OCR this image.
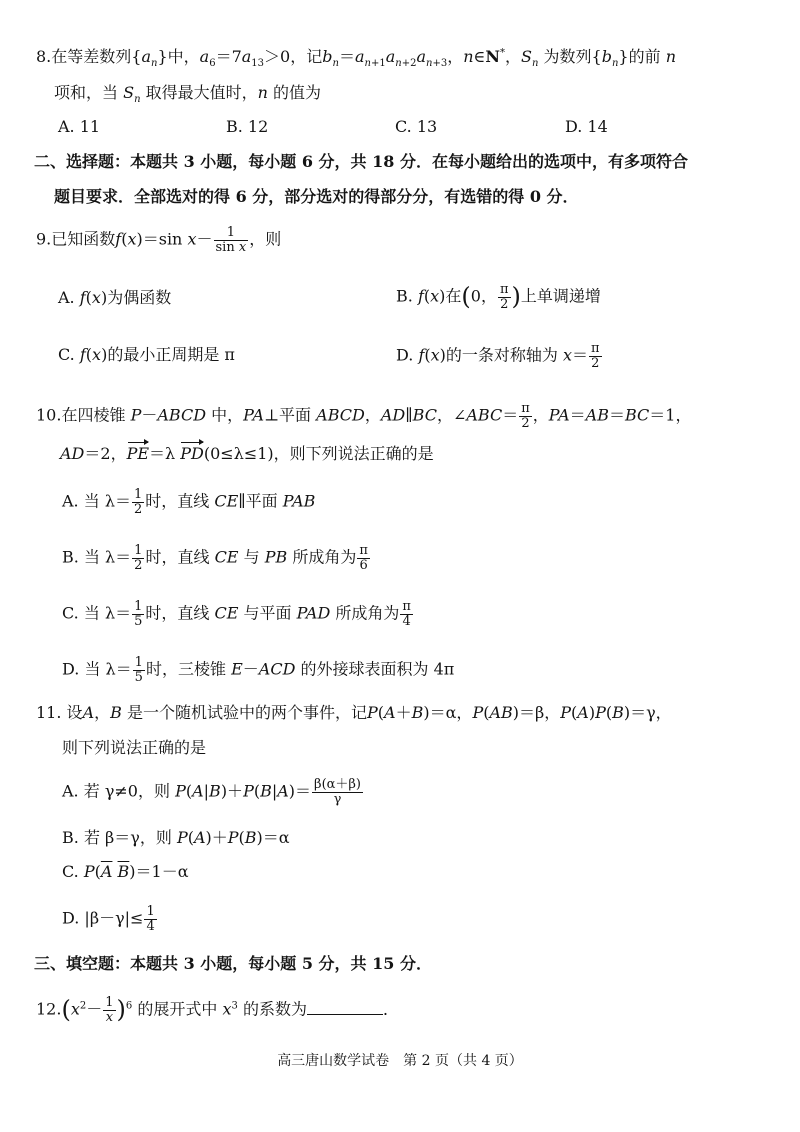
8.在等差数列$\{a_n\}$中，$a_6=7a_{13}>0$，记$b_n=a_{n+1}a_{n+2}a_{n+3}$，n∈N*，$S_n$ 为数列$\{b_n\}$的前 n
项和，当 $S_n$ 取得最大值时，n 的值为
A. 11	B. 12	C. 13	D. 14
二、选择题：本题共 3 小题，每小题 6 分，共 18 分．在每小题给出的选项中，有多项符合
题目要求．全部选对的得 6 分，部分选对的得部分分，有选错的得 0 分．
9.已知函数f(x)＝sin $x- \frac{1}{\text{sin x}}$ ，则
A. f(x)为偶函数	B. f(x)在(0， $\frac{\pi}{2}$ )上单调递增
C. f(x)的最小正周期是 π	D. f(x)的一条对称轴为 $x= \frac{\pi}{2}$
10.在四棱锥 P－ABCD 中，PA⊥平面 ABCD，AD∥BC，∠ABC＝ $\frac{\pi}{2}$ ，PA＝AB＝BC＝1，
AD＝2，PE＝λ PD(0≤λ≤1)，则下列说法正确的是
A. 当 $\lambda= \frac{1}{2}$ 时，直线 CE∥平面 PAB
B. 当 $\lambda= \frac{1}{2}$ 时，直线 CE 与 PB 所成角为 $\frac{\pi}{6}$
C. 当 $\lambda= \frac{1}{5}$ 时，直线 CE 与平面 PAD 所成角为 $\frac{\pi}{4}$
D. 当 $\lambda= \frac{1}{5}$ 时，三棱锥 E－ACD 的外接球表面积为 4π
11. 设A，B 是一个随机试验中的两个事件，记P(A＋B)＝α，P(AB)＝β，P(A)P(B)＝γ，
则下列说法正确的是
A. 若 γ≠0，则 $P(A|B)+P(B|A)= \frac{\beta(\alpha+\beta)}{\gamma}$
B. 若 β＝γ，则 P(A)＋P(B)＝α
C. $P(\overline{A}$ $\overline{B})=1-\alpha$
D. $|\beta-\gamma|\le \frac{1}{4}$
三、填空题：本题共 3 小题，每小题 5 分，共 15 分．
$12.(x^2- \frac{1}{x} )^6$ 的展开式中 $x^3$ 的系数为	．
高三唐山数学试卷　第 2 页（共 4 页）
